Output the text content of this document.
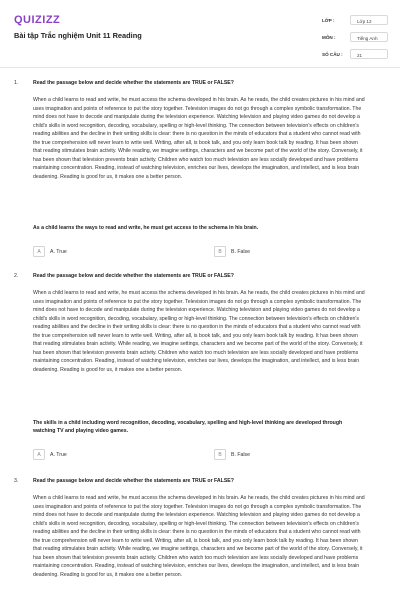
QUIZIZZ
Bài tập Trắc nghiệm Unit 11 Reading
LỚP :	Lớp 12
MÔN :	Tiếng Anh
SỐ CÂU :	21
1.	Read the passage below and decide whether the statements are TRUE or FALSE?
When a child learns to read and write, he must access the schema developed in his brain. As he reads, the child creates pictures in his mind and uses imagination and points of reference to put the story together. Television images do not go through a complex symbolic transformation. The mind does not have to decode and manipulate during the television experience. Watching television and playing video games do not develop a child's skills in word recognition, decoding, vocabulary, spelling or high-level thinking. The connection between television's effects on children's reading abilities and the decline in their writing skills is clear: there is no question in the minds of educators that a student who cannot read with the true comprehension will never learn to write well. Writing, after all, is book talk, and you only learn book talk by reading. It has been shown that reading stimulates brain activity. While reading, we imagine settings, characters and we become part of the world of the story. Conversely, it has been shown that television prevents brain activity. Children who watch too much television are less socially developed and have problems maintaining concentration. Reading, instead of watching television, enriches our lives, develops the imagination, and intellect, and is less brain deadening. Reading is good for us, it makes one a better person.
As a child learns the ways to read and write, he must get access to the schema in his brain.
A	A. True	B	B. False
2.	Read the passage below and decide whether the statements are TRUE or FALSE?
When a child learns to read and write, he must access the schema developed in his brain. As he reads, the child creates pictures in his mind and uses imagination and points of reference to put the story together. Television images do not go through a complex symbolic transformation. The mind does not have to decode and manipulate during the television experience. Watching television and playing video games do not develop a child's skills in word recognition, decoding, vocabulary, spelling or high-level thinking. The connection between television's effects on children's reading abilities and the decline in their writing skills is clear: there is no question in the minds of educators that a student who cannot read with the true comprehension will never learn to write well. Writing, after all, is book talk, and you only learn book talk by reading. It has been shown that reading stimulates brain activity. While reading, we imagine settings, characters and we become part of the world of the story. Conversely, it has been shown that television prevents brain activity. Children who watch too much television are less socially developed and have problems maintaining concentration. Reading, instead of watching television, enriches our lives, develops the imagination, and intellect, and is less brain deadening. Reading is good for us, it makes one a better person.
The skills in a child including word recognition, decoding, vocabulary, spelling and high-level thinking are developed through watching TV and playing video games.
A	A. True	B	B. False
3.	Read the passage below and decide whether the statements are TRUE or FALSE?
When a child learns to read and write, he must access the schema developed in his brain. As he reads, the child creates pictures in his mind and uses imagination and points of reference to put the story together. Television images do not go through a complex symbolic transformation. The mind does not have to decode and manipulate during the television experience. Watching television and playing video games do not develop a child's skills in word recognition, decoding, vocabulary, spelling or high-level thinking. The connection between television's effects on children's reading abilities and the decline in their writing skills is clear: there is no question in the minds of educators that a student who cannot read with the true comprehension will never learn to write well. Writing, after all, is book talk, and you only learn book talk by reading. It has been shown that reading stimulates brain activity. While reading, we imagine settings, characters and we become part of the world of the story. Conversely, it has been shown that television prevents brain activity. Children who watch too much television are less socially developed and have problems maintaining concentration. Reading, instead of watching television, enriches our lives, develops the imagination, and intellect, and is less brain deadening. Reading is good for us, it makes one a better person.
